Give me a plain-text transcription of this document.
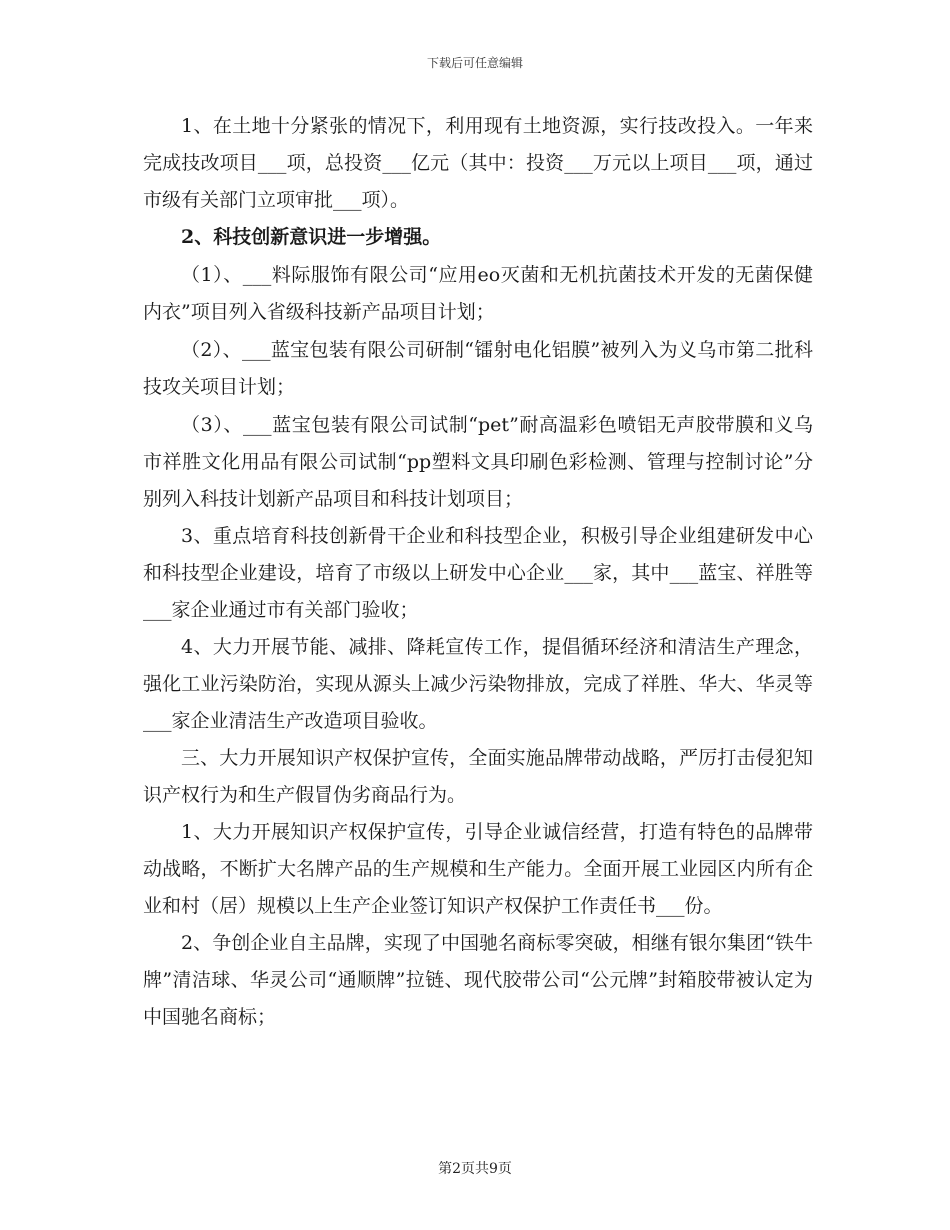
下载后可任意编辑

1、在土地十分紧张的情况下，利用现有土地资源，实行技改投入。一年来完成技改项目___项，总投资___亿元（其中：投资___万元以上项目___项，通过市级有关部门立项审批___项）。

2、科技创新意识进一步增强。

（1）、___料际服饰有限公司“应用eo灭菌和无机抗菌技术开发的无菌保健内衣”项目列入省级科技新产品项目计划；

（2）、___蓝宝包装有限公司研制“镭射电化铝膜”被列入为义乌市第二批科技攻关项目计划；

（3）、___蓝宝包装有限公司试制“pet”耐高温彩色喷铝无声胶带膜和义乌市祥胜文化用品有限公司试制“pp塑料文具印刷色彩检测、管理与控制讨论”分别列入科技计划新产品项目和科技计划项目；

3、重点培育科技创新骨干企业和科技型企业，积极引导企业组建研发中心和科技型企业建设，培育了市级以上研发中心企业___家，其中___蓝宝、祥胜等___家企业通过市有关部门验收；

4、大力开展节能、减排、降耗宣传工作，提倡循环经济和清洁生产理念，强化工业污染防治，实现从源头上减少污染物排放，完成了祥胜、华大、华灵等___家企业清洁生产改造项目验收。

三、大力开展知识产权保护宣传，全面实施品牌带动战略，严厉打击侵犯知识产权行为和生产假冒伪劣商品行为。

1、大力开展知识产权保护宣传，引导企业诚信经营，打造有特色的品牌带动战略，不断扩大名牌产品的生产规模和生产能力。全面开展工业园区内所有企业和村（居）规模以上生产企业签订知识产权保护工作责任书___份。

2、争创企业自主品牌，实现了中国驰名商标零突破，相继有银尔集团“铁牛牌”清洁球、华灵公司“通顺牌”拉链、现代胶带公司“公元牌”封箱胶带被认定为中国驰名商标；

第2页共9页
